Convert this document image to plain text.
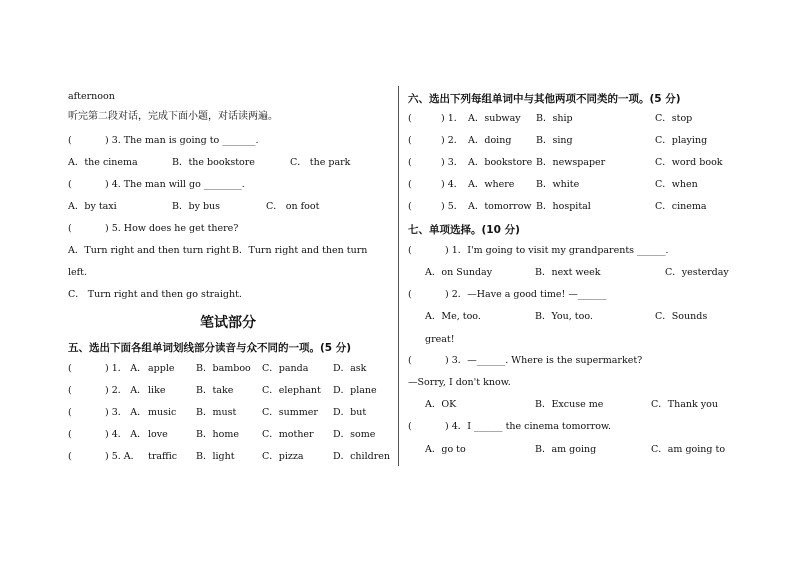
afternoon
听完第二段对话，完成下面小题，对话读两遍。
(	) 3. The man is going to _______.
A．the cinema	B．the bookstore	C． the park
(	) 4. The man will go ________.
A．by taxi	B．by bus	C． on foot
(	) 5. How does he get there?
A．Turn right and then turn right B．Turn right and then turn
left.
C． Turn right and then go straight.
笔试部分
五、选出下面各组单词划线部分读音与众不同的一项。(5 分)
(	) 1． A． apple B．bamboo C．panda	D．ask
(	) 2． A． like	B．take	C．elephant D．plane
(	) 3． A． music B．must	C．summer D．but
(	) 4． A． love	B．home C．mother D．some
(	) 5. A． traffic B．light	C．pizza	D．children
六、选出下列每组单词中与其他两项不同类的一项。(5 分)
(	) 1． A．subway B．ship	C．stop
(	) 2． A．doing	B．sing	C．playing
(	) 3． A．bookstore B．newspaper	C．word book
(	) 4． A．where B．white	C．when
(	) 5． A．tomorrow B．hospital	C．cinema
七、单项选择。(10 分)
(	) 1．I'm going to visit my grandparents ______.
A．on Sunday	B．next week	C．yesterday
(	) 2．—Have a good time! —______
A．Me, too.	B．You, too.	C．Sounds
great!
(	) 3．—______. Where is the supermarket?
—Sorry, I don't know.
A．OK	B．Excuse me	C．Thank you
(	) 4．I ______ the cinema tomorrow.
A．go to	B．am going	C．am going to
